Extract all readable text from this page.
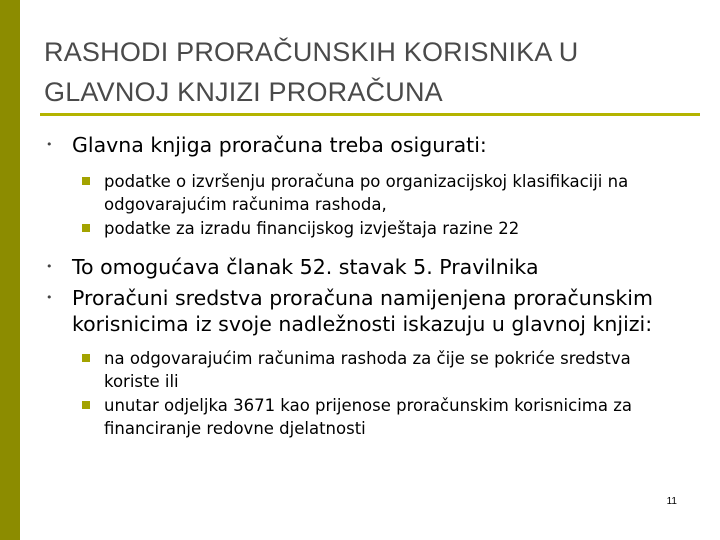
RASHODI PRORAČUNSKIH KORISNIKA U GLAVNOJ KNJIZI PRORAČUNA
• Glavna knjiga proračuna treba osigurati:
podatke o izvršenju proračuna po organizacijskoj klasifikaciji na odgovarajućim računima rashoda,
podatke za izradu financijskog izvještaja razine 22
• To omogućava članak 52. stavak 5. Pravilnika
• Proračuni sredstva proračuna namijenjena proračunskim korisnicima iz svoje nadležnosti iskazuju u glavnoj knjizi:
na odgovarajućim računima rashoda za čije se pokriće sredstva koriste ili
unutar odjeljka 3671 kao prijenose proračunskim korisnicima za financiranje redovne djelatnosti
11
